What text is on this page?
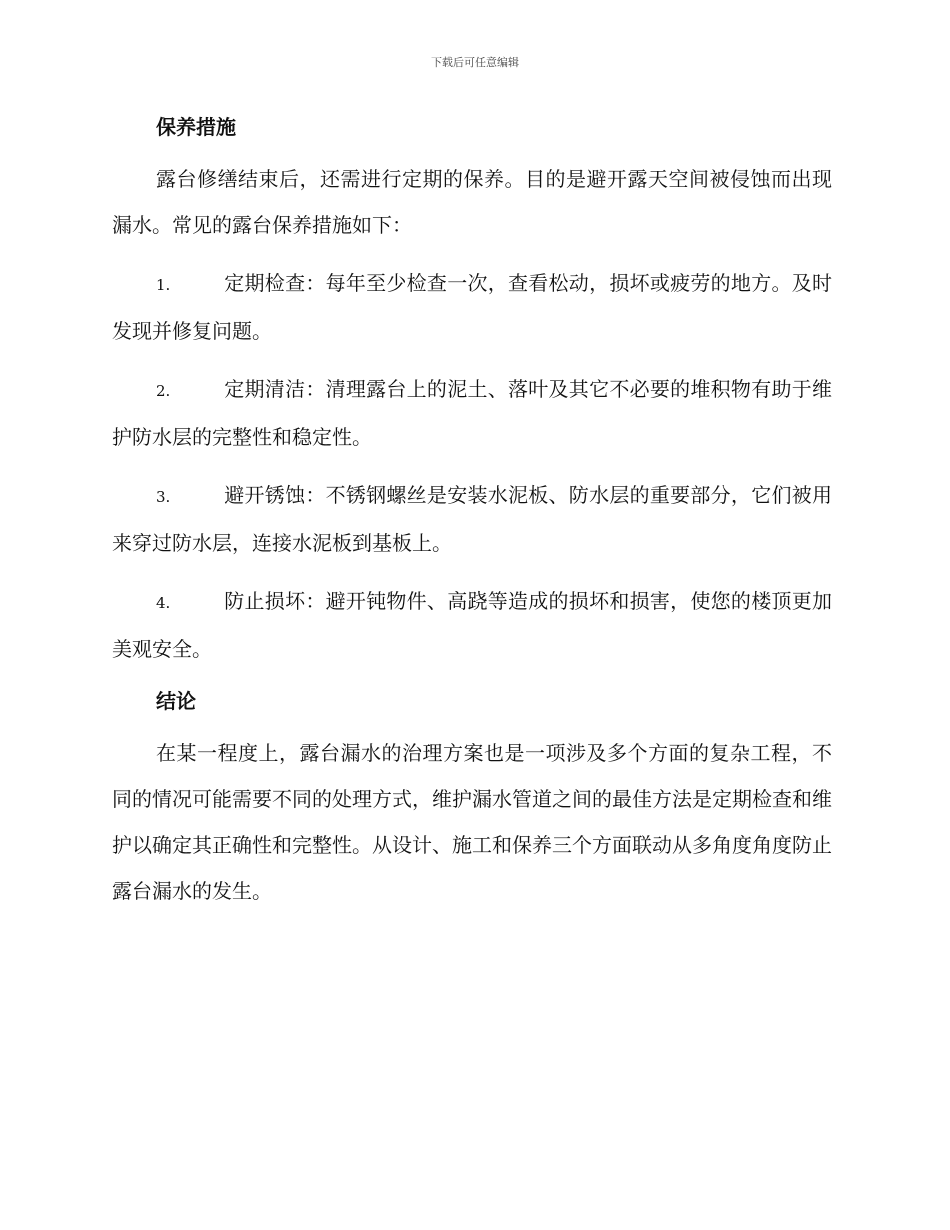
下载后可任意编辑
保养措施

露台修缮结束后，还需进行定期的保养。目的是避开露天空间被侵蚀而出现漏水。常见的露台保养措施如下：

1.	定期检查：每年至少检查一次，查看松动，损坏或疲劳的地方。及时发现并修复问题。

2.	定期清洁：清理露台上的泥土、落叶及其它不必要的堆积物有助于维护防水层的完整性和稳定性。

3.	避开锈蚀：不锈钢螺丝是安装水泥板、防水层的重要部分，它们被用来穿过防水层，连接水泥板到基板上。

4.	防止损坏：避开钝物件、高跷等造成的损坏和损害，使您的楼顶更加美观安全。

结论

在某一程度上，露台漏水的治理方案也是一项涉及多个方面的复杂工程，不同的情况可能需要不同的处理方式，维护漏水管道之间的最佳方法是定期检查和维护以确定其正确性和完整性。从设计、施工和保养三个方面联动从多角度角度防止露台漏水的发生。
